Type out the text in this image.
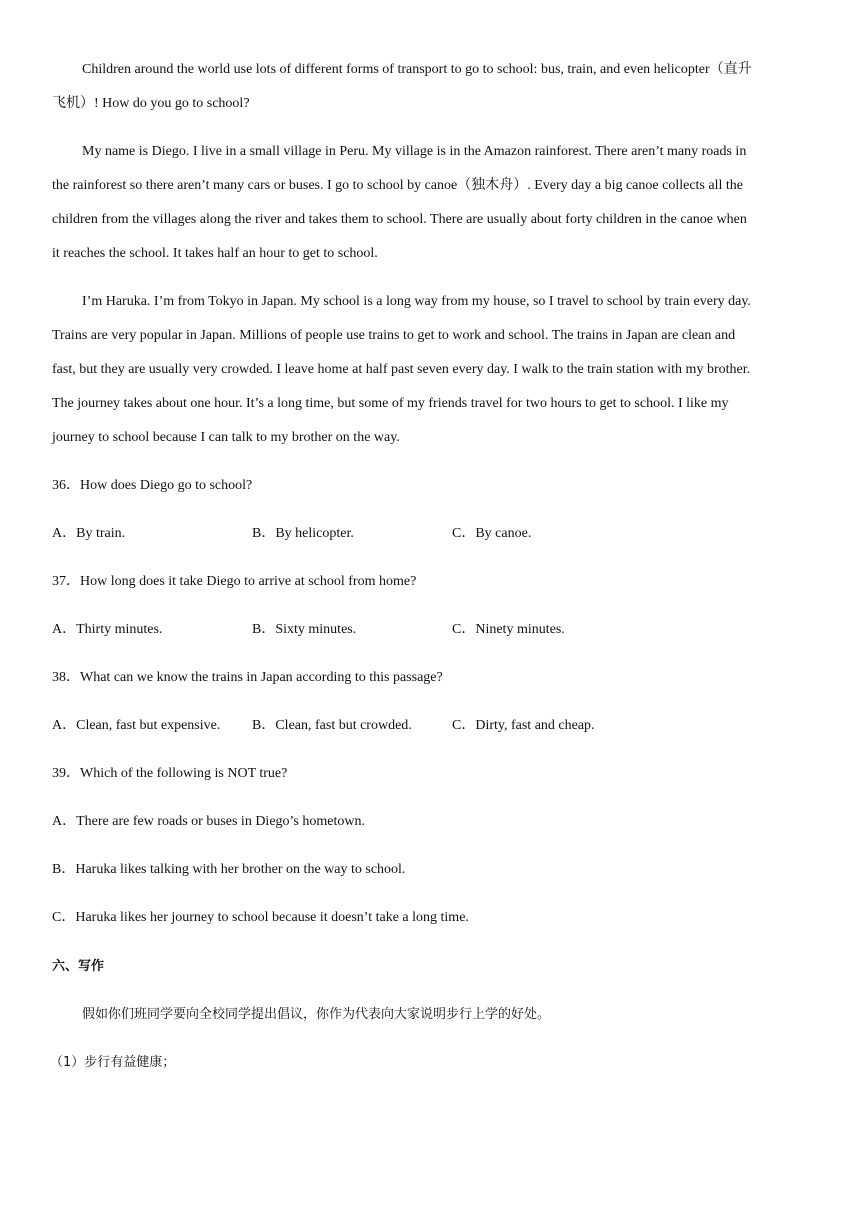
Children around the world use lots of different forms of transport to go to school: bus, train, and even helicopter（直升
飞机）! How do you go to school?
My name is Diego. I live in a small village in Peru. My village is in the Amazon rainforest. There aren’t many roads in
the rainforest so there aren’t many cars or buses. I go to school by canoe（独木舟）. Every day a big canoe collects all the
children from the villages along the river and takes them to school. There are usually about forty children in the canoe when
it reaches the school. It takes half an hour to get to school.
I’m Haruka. I’m from Tokyo in Japan. My school is a long way from my house, so I travel to school by train every day.
Trains are very popular in Japan. Millions of people use trains to get to work and school. The trains in Japan are clean and
fast, but they are usually very crowded. I leave home at half past seven every day. I walk to the train station with my brother.
The journey takes about one hour. It’s a long time, but some of my friends travel for two hours to get to school. I like my
journey to school because I can talk to my brother on the way.
36．How does Diego go to school?
A．By train.	B．By helicopter.	C．By canoe.
37．How long does it take Diego to arrive at school from home?
A．Thirty minutes.	B．Sixty minutes.	C．Ninety minutes.
38．What can we know the trains in Japan according to this passage?
A．Clean, fast but expensive. B．Clean, fast but crowded.	C．Dirty, fast and cheap.
39．Which of the following is NOT true?
A．There are few roads or buses in Diego’s hometown.
B．Haruka likes talking with her brother on the way to school.
C．Haruka likes her journey to school because it doesn’t take a long time.
六、写作
假如你们班同学要向全校同学提出倡议，你作为代表向大家说明步行上学的好处。
（1）步行有益健康；
